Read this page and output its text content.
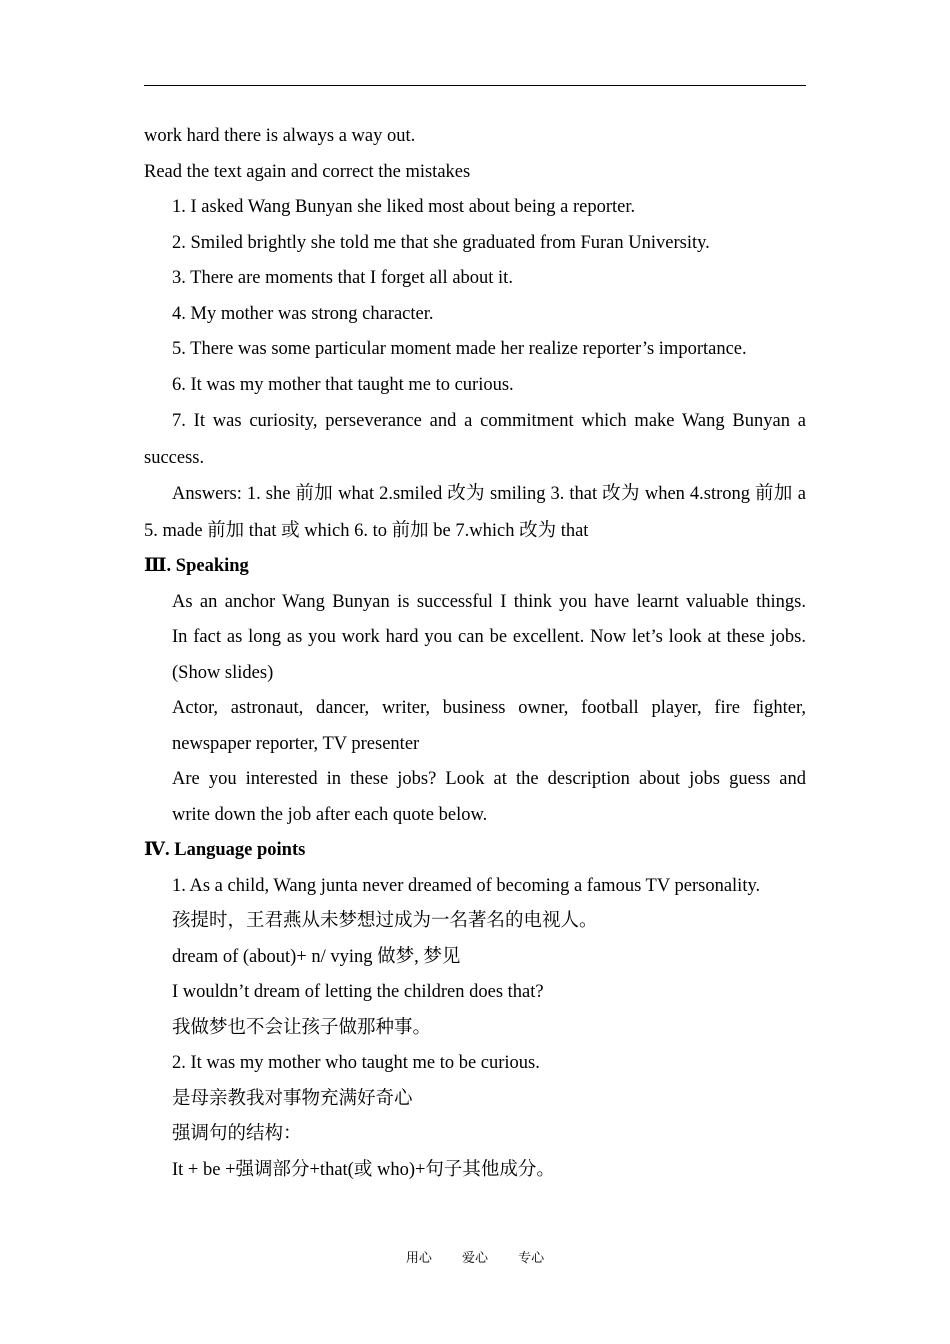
work hard there is always a way out.

Read the text again and correct the mistakes

1. I asked Wang Bunyan she liked most about being a reporter.

2. Smiled brightly she told me that she graduated from Furan University.

3. There are moments that I forget all about it.

4. My mother was strong character.

5. There was some particular moment made her realize reporter’s importance.

6. It was my mother that taught me to curious.

7. It was curiosity, perseverance and a commitment which make Wang Bunyan a success.

Answers: 1. she 前加 what 2.smiled 改为 smiling 3. that 改为 when 4.strong 前加 a 5. made 前加 that 或 which 6. to 前加 be 7.which 改为 that

Ⅲ. Speaking

As an anchor Wang Bunyan is successful I think you have learnt valuable things.

In fact as long as you work hard you can be excellent. Now let’s look at these jobs.

(Show slides)

Actor, astronaut, dancer, writer, business owner, football player, fire fighter,

newspaper reporter, TV presenter

Are you interested in these jobs? Look at the description about jobs guess and

write down the job after each quote below.

Ⅳ. Language points

1. As a child, Wang junta never dreamed of becoming a famous TV personality.

孩提时，王君燕从未梦想过成为一名著名的电视人。

dream of (about)+ n/ vying 做梦, 梦见

I wouldn’t dream of letting the children does that?

我做梦也不会让孩子做那种事。

2. It was my mother who taught me to be curious.

是母亲教我对事物充满好奇心

强调句的结构：

It + be +强调部分+that(或 who)+句子其他成分。

用心 爱心 专心
